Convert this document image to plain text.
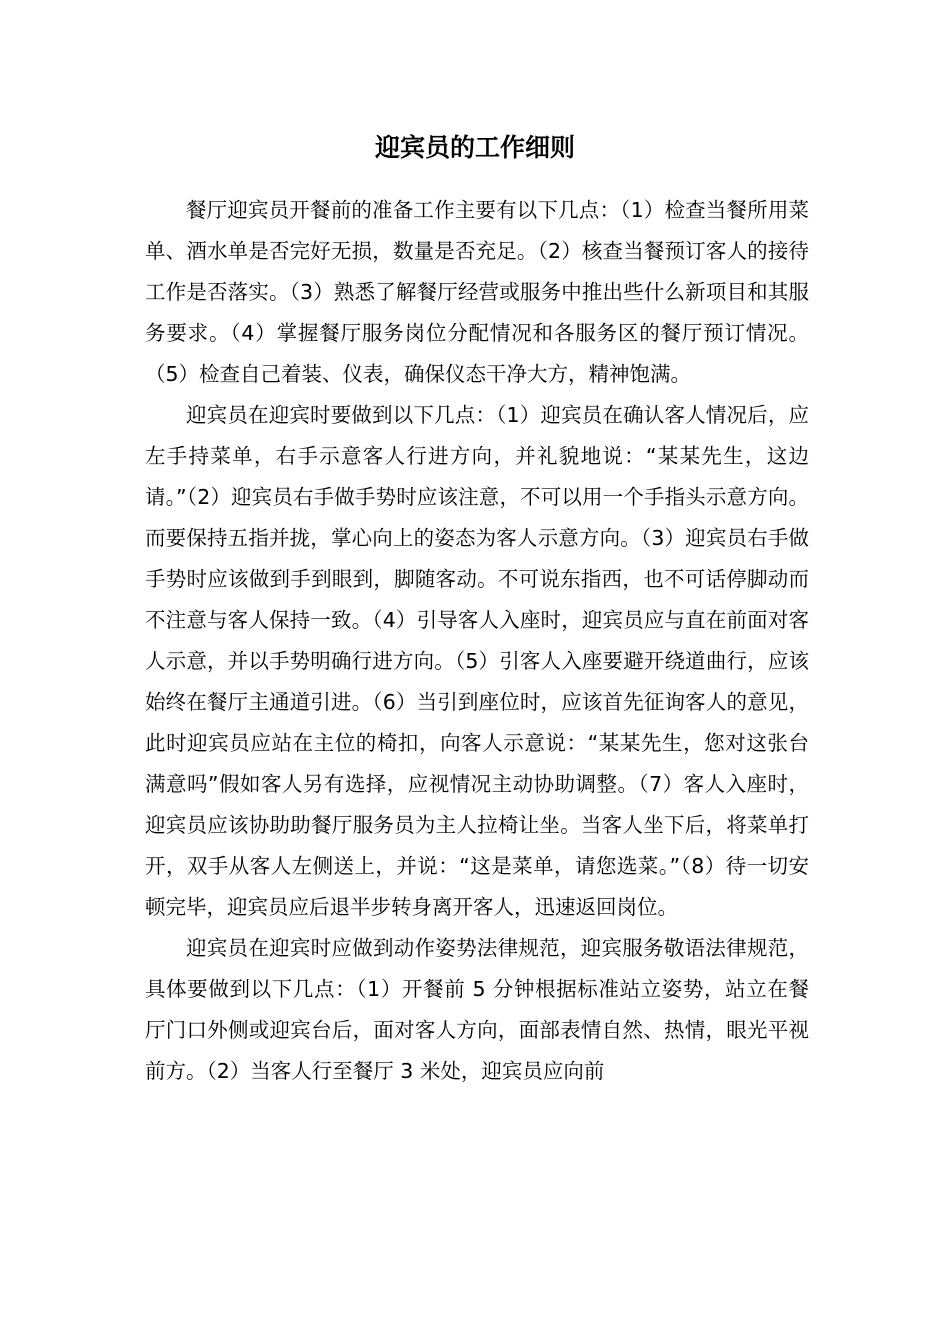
迎宾员的工作细则

餐厅迎宾员开餐前的准备工作主要有以下几点：（1）检查当餐所用菜单、酒水单是否完好无损，数量是否充足。（2）核查当餐预订客人的接待工作是否落实。（3）熟悉了解餐厅经营或服务中推出些什么新项目和其服务要求。（4）掌握餐厅服务岗位分配情况和各服务区的餐厅预订情况。（5）检查自己着装、仪表，确保仪态干净大方，精神饱满。

迎宾员在迎宾时要做到以下几点：（1）迎宾员在确认客人情况后，应左手持菜单，右手示意客人行进方向，并礼貌地说：“某某先生，这边请。”（2）迎宾员右手做手势时应该注意，不可以用一个手指头示意方向。而要保持五指并拢，掌心向上的姿态为客人示意方向。（3）迎宾员右手做手势时应该做到手到眼到，脚随客动。不可说东指西，也不可话停脚动而不注意与客人保持一致。（4）引导客人入座时，迎宾员应与直在前面对客人示意，并以手势明确行进方向。（5）引客人入座要避开绕道曲行，应该始终在餐厅主通道引进。（6）当引到座位时，应该首先征询客人的意见，此时迎宾员应站在主位的椅扣，向客人示意说：“某某先生，您对这张台满意吗”假如客人另有选择，应视情况主动协助调整。（7）客人入座时，迎宾员应该协助助餐厅服务员为主人拉椅让坐。当客人坐下后，将菜单打开，双手从客人左侧送上，并说：“这是菜单，请您选菜。”（8）待一切安顿完毕，迎宾员应后退半步转身离开客人，迅速返回岗位。

迎宾员在迎宾时应做到动作姿势法律规范，迎宾服务敬语法律规范，具体要做到以下几点：（1）开餐前 5 分钟根据标准站立姿势，站立在餐厅门口外侧或迎宾台后，面对客人方向，面部表情自然、热情，眼光平视前方。（2）当客人行至餐厅 3 米处，迎宾员应向前
